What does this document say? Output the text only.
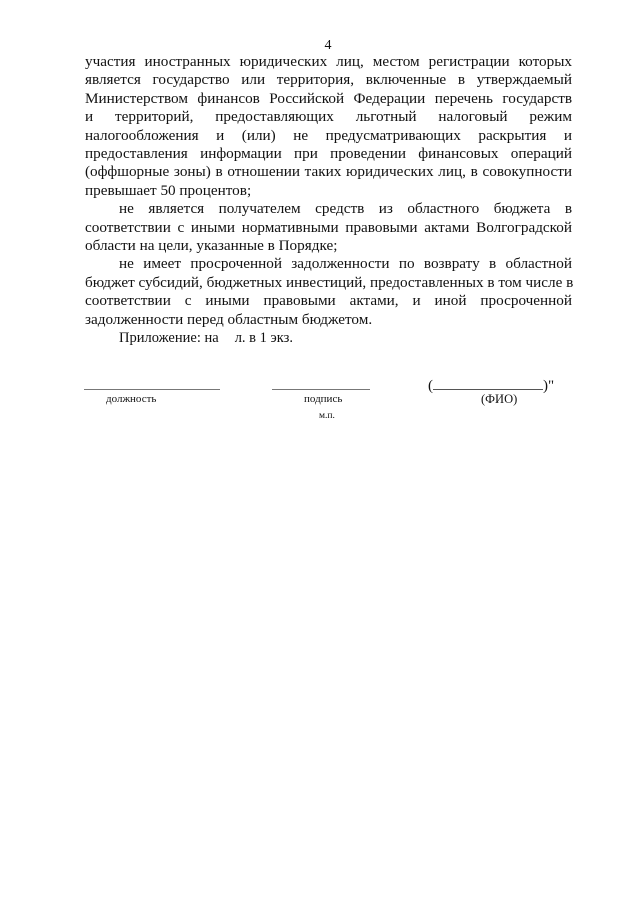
4
участия иностранных юридических лиц, местом регистрации которых
является государство или территория, включенные в утверждаемый
Министерством финансов Российской Федерации перечень государств
и территорий, предоставляющих льготный налоговый режим
налогообложения и (или) не предусматривающих раскрытия и
предоставления информации при проведении финансовых операций
(оффшорные зоны) в отношении таких юридических лиц, в совокупности
превышает 50 процентов;
не является получателем средств из областного бюджета в
соответствии с иными нормативными правовыми актами Волгоградской
области на цели, указанные в Порядке;
не имеет просроченной задолженности по возврату в областной
бюджет субсидий, бюджетных инвестиций, предоставленных в том числе в
соответствии с иными правовыми актами, и иной просроченной
задолженности перед областным бюджетом.
Приложение: на л. в 1 экз.
(	)"
должность	подпись	(ФИО)
м.п.
